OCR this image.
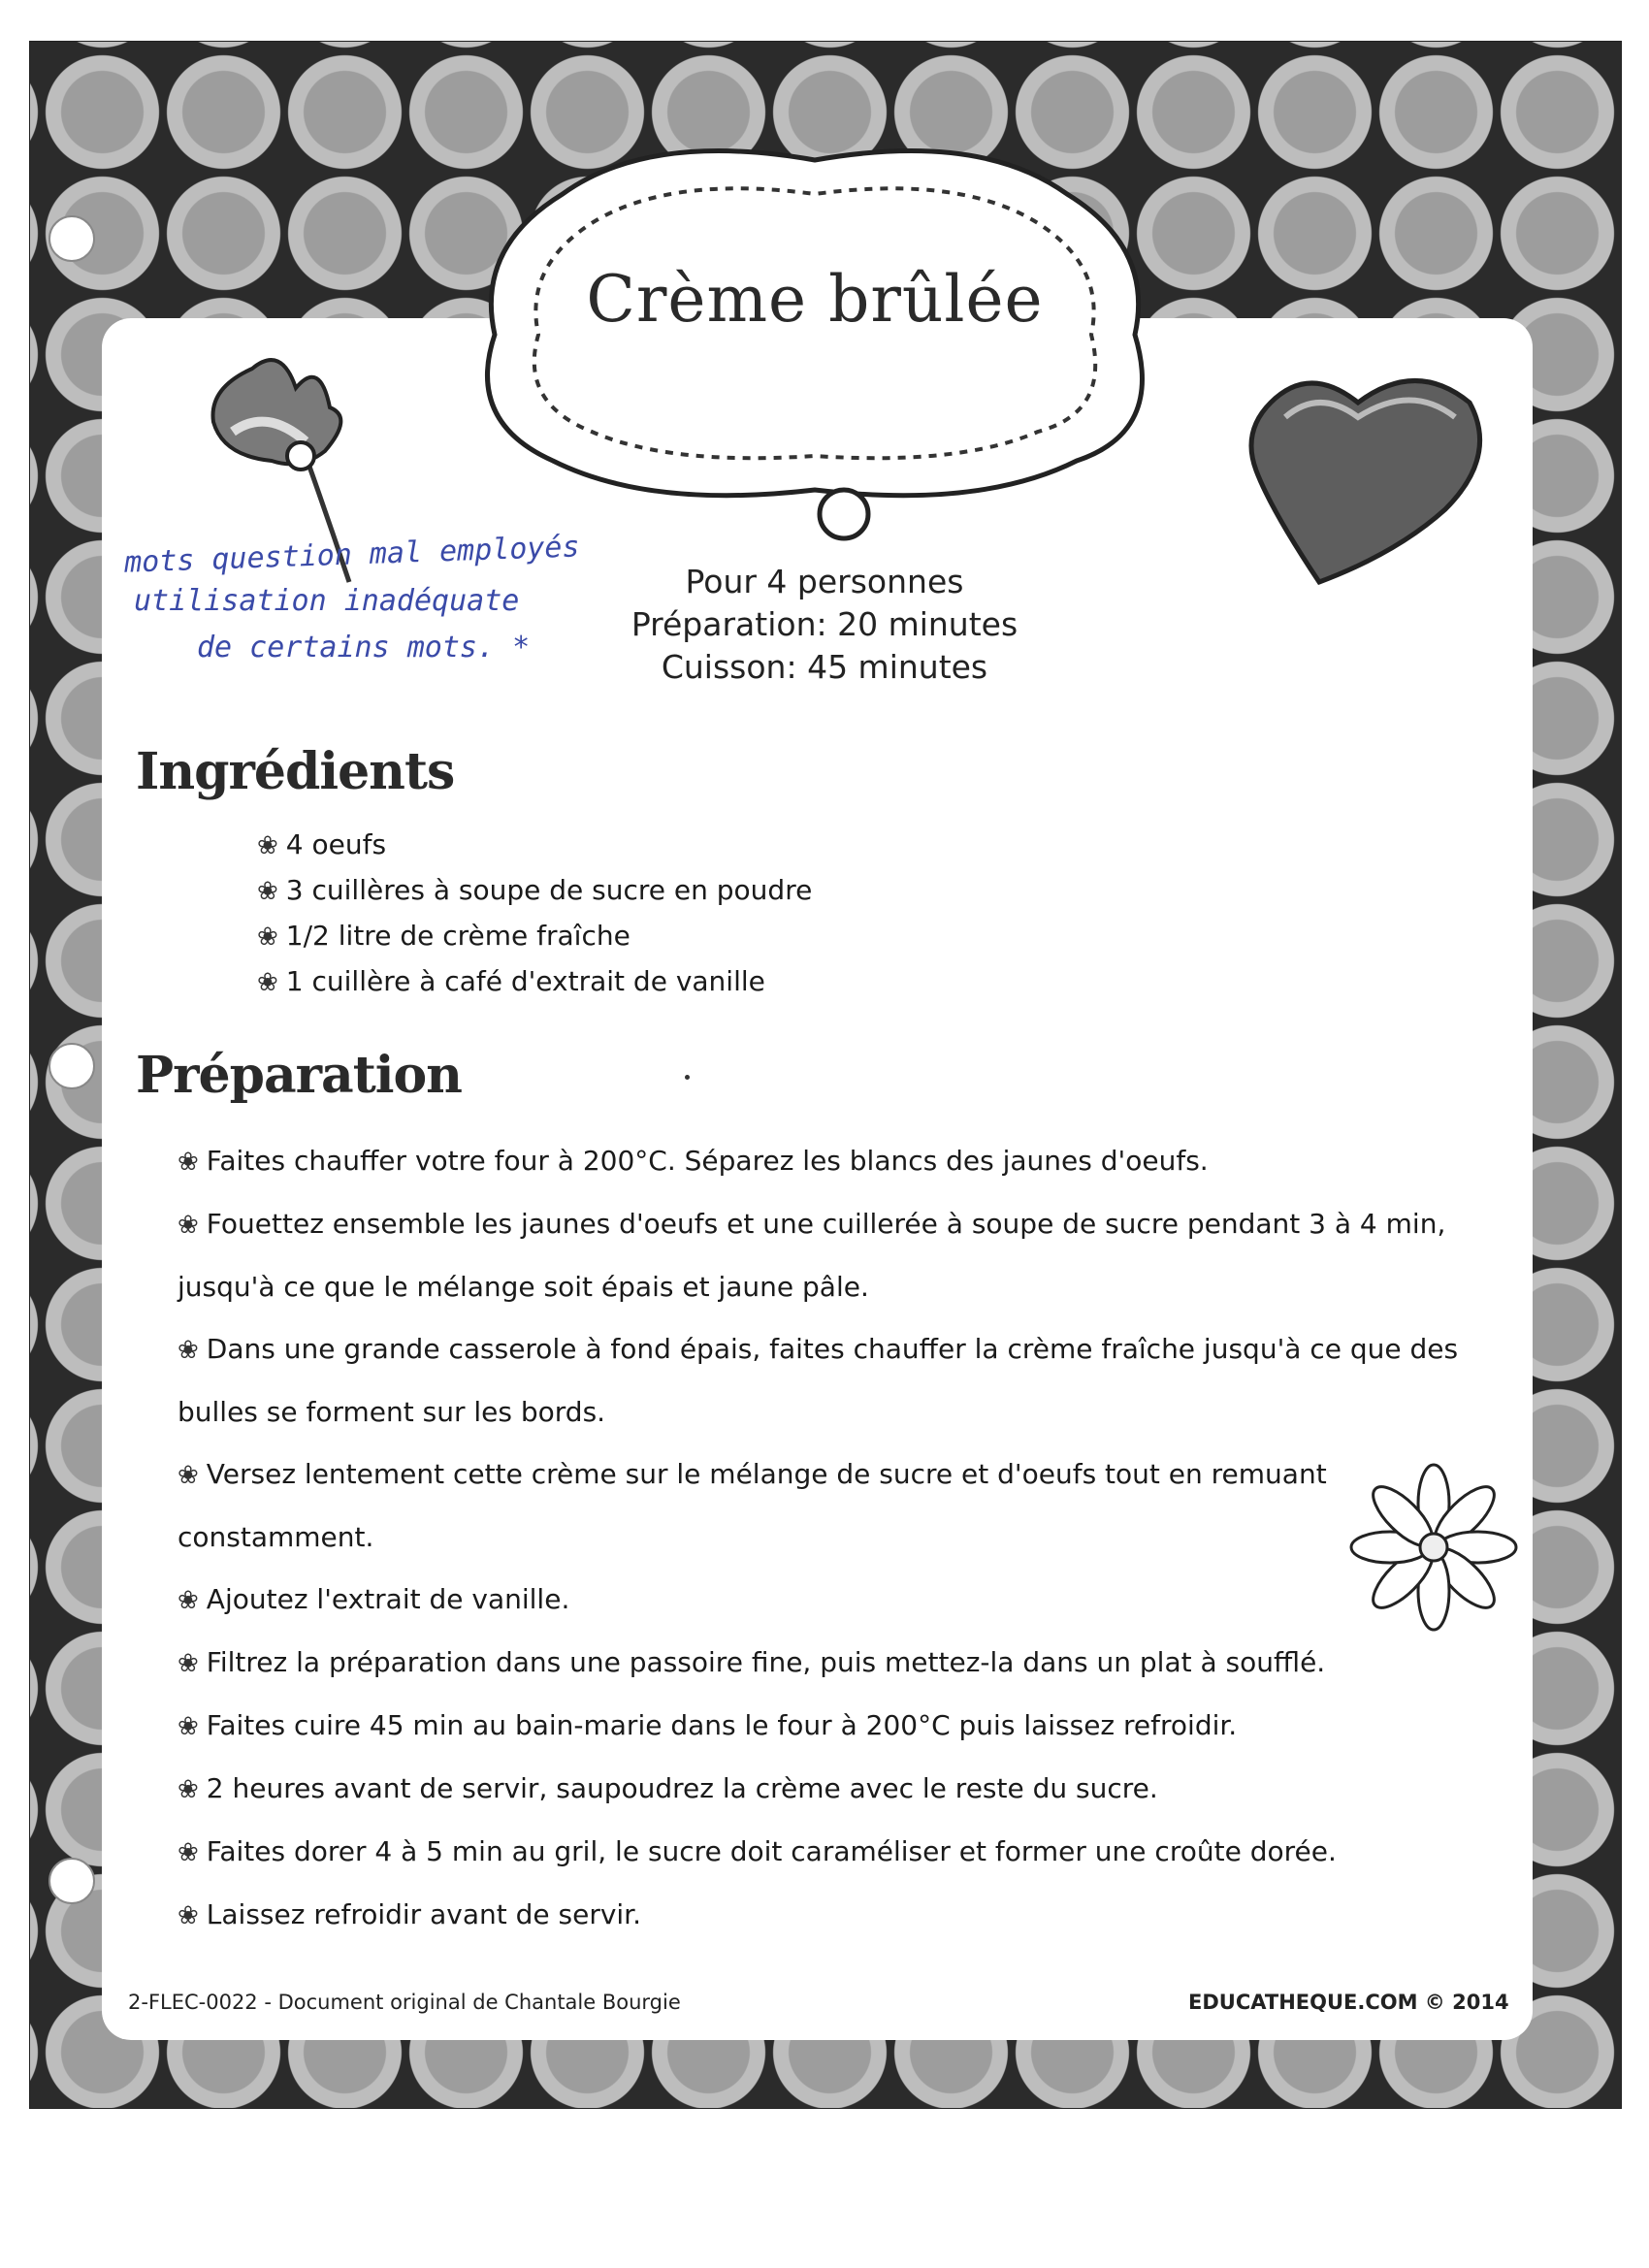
Crème brûlée
mots question mal employés
utilisation inadéquate
de certains mots. *
Pour 4 personnes
Préparation: 20 minutes
Cuisson: 45 minutes
Ingrédients
❀ 4 oeufs
❀ 3 cuillères à soupe de sucre en poudre
❀ 1/2 litre de crème fraîche
❀ 1 cuillère à café d'extrait de vanille
Préparation
❀ Faites chauffer votre four à 200°C. Séparez les blancs des jaunes d'oeufs.
❀ Fouettez ensemble les jaunes d'oeufs et une cuillerée à soupe de sucre pendant 3 à 4 min, jusqu'à ce que le mélange soit épais et jaune pâle.
❀ Dans une grande casserole à fond épais, faites chauffer la crème fraîche jusqu'à ce que des bulles se forment sur les bords.
❀ Versez lentement cette crème sur le mélange de sucre et d'oeufs tout en remuant constamment.
❀ Ajoutez l'extrait de vanille.
❀ Filtrez la préparation dans une passoire fine, puis mettez-la dans un plat à soufflé.
❀ Faites cuire 45 min au bain-marie dans le four à 200°C puis laissez refroidir.
❀ 2 heures avant de servir, saupoudrez la crème avec le reste du sucre.
❀ Faites dorer 4 à 5 min au gril, le sucre doit caraméliser et former une croûte dorée.
❀ Laissez refroidir avant de servir.
2-FLEC-0022 - Document original de Chantale Bourgie	EDUCATHEQUE.COM © 2014
